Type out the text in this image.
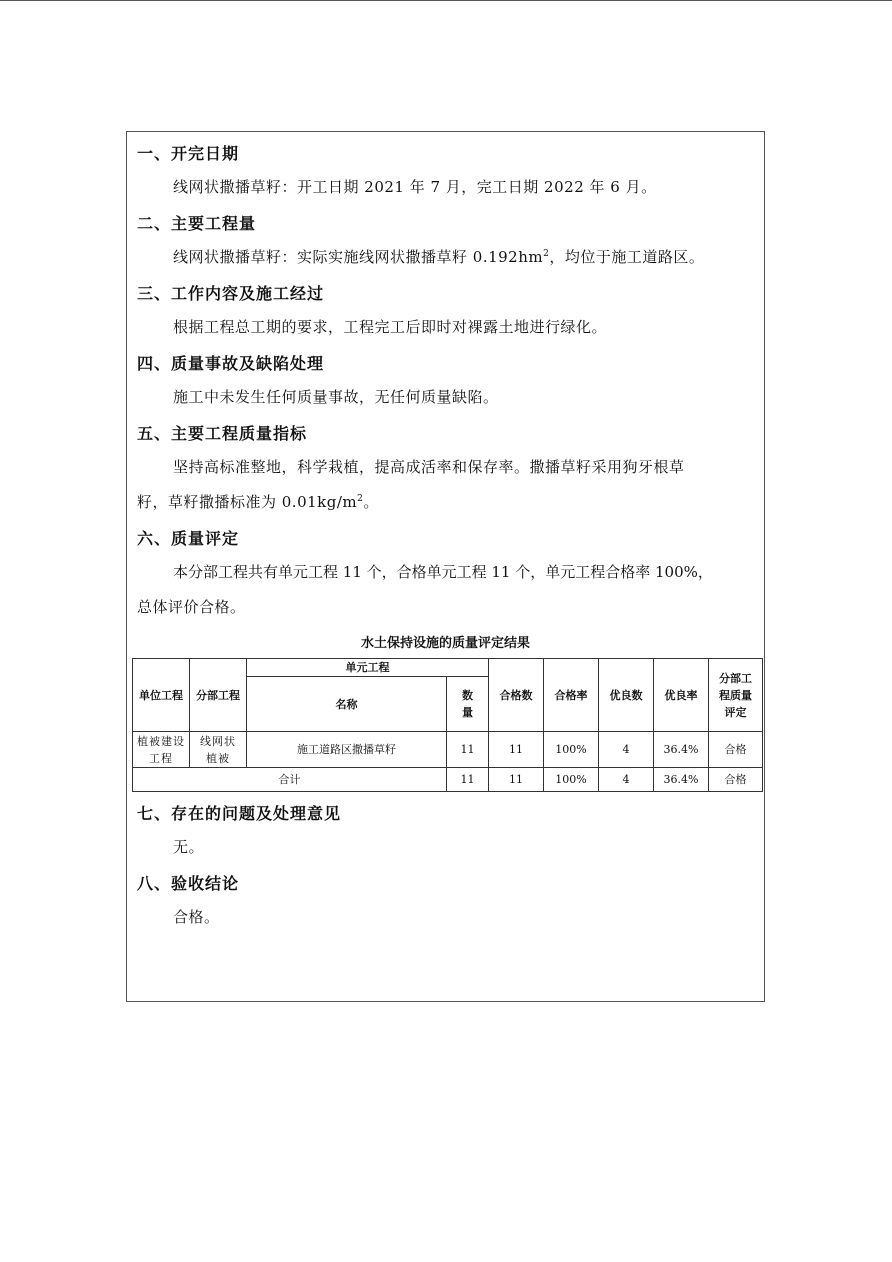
一、开完日期
线网状撒播草籽：开工日期 2021 年 7 月，完工日期 2022 年 6 月。
二、主要工程量
线网状撒播草籽：实际实施线网状撒播草籽 $0.192hm^2$，均位于施工道路区。
三、工作内容及施工经过
根据工程总工期的要求，工程完工后即时对裸露土地进行绿化。
四、质量事故及缺陷处理
施工中未发生任何质量事故，无任何质量缺陷。
五、主要工程质量指标
坚持高标准整地，科学栽植，提高成活率和保存率。撒播草籽采用狗牙根草
籽，草籽撒播标准为 $0.01kg/m^2$。
六、质量评定
本分部工程共有单元工程 11 个，合格单元工程 11 个，单元工程合格率 100%，
总体评价合格。
水土保持设施的质量评定结果
单位工程	分部工程	单元工程		合格数	合格率	优良数	优良率	分部工程质量评定
		名称	数量					
植被建设工程	线网状植被	施工道路区撒播草籽	11	11	100%	4	36.4%	合格
合计			11	11	100%	4	36.4%	合格
七、存在的问题及处理意见
无。
八、验收结论
合格。
